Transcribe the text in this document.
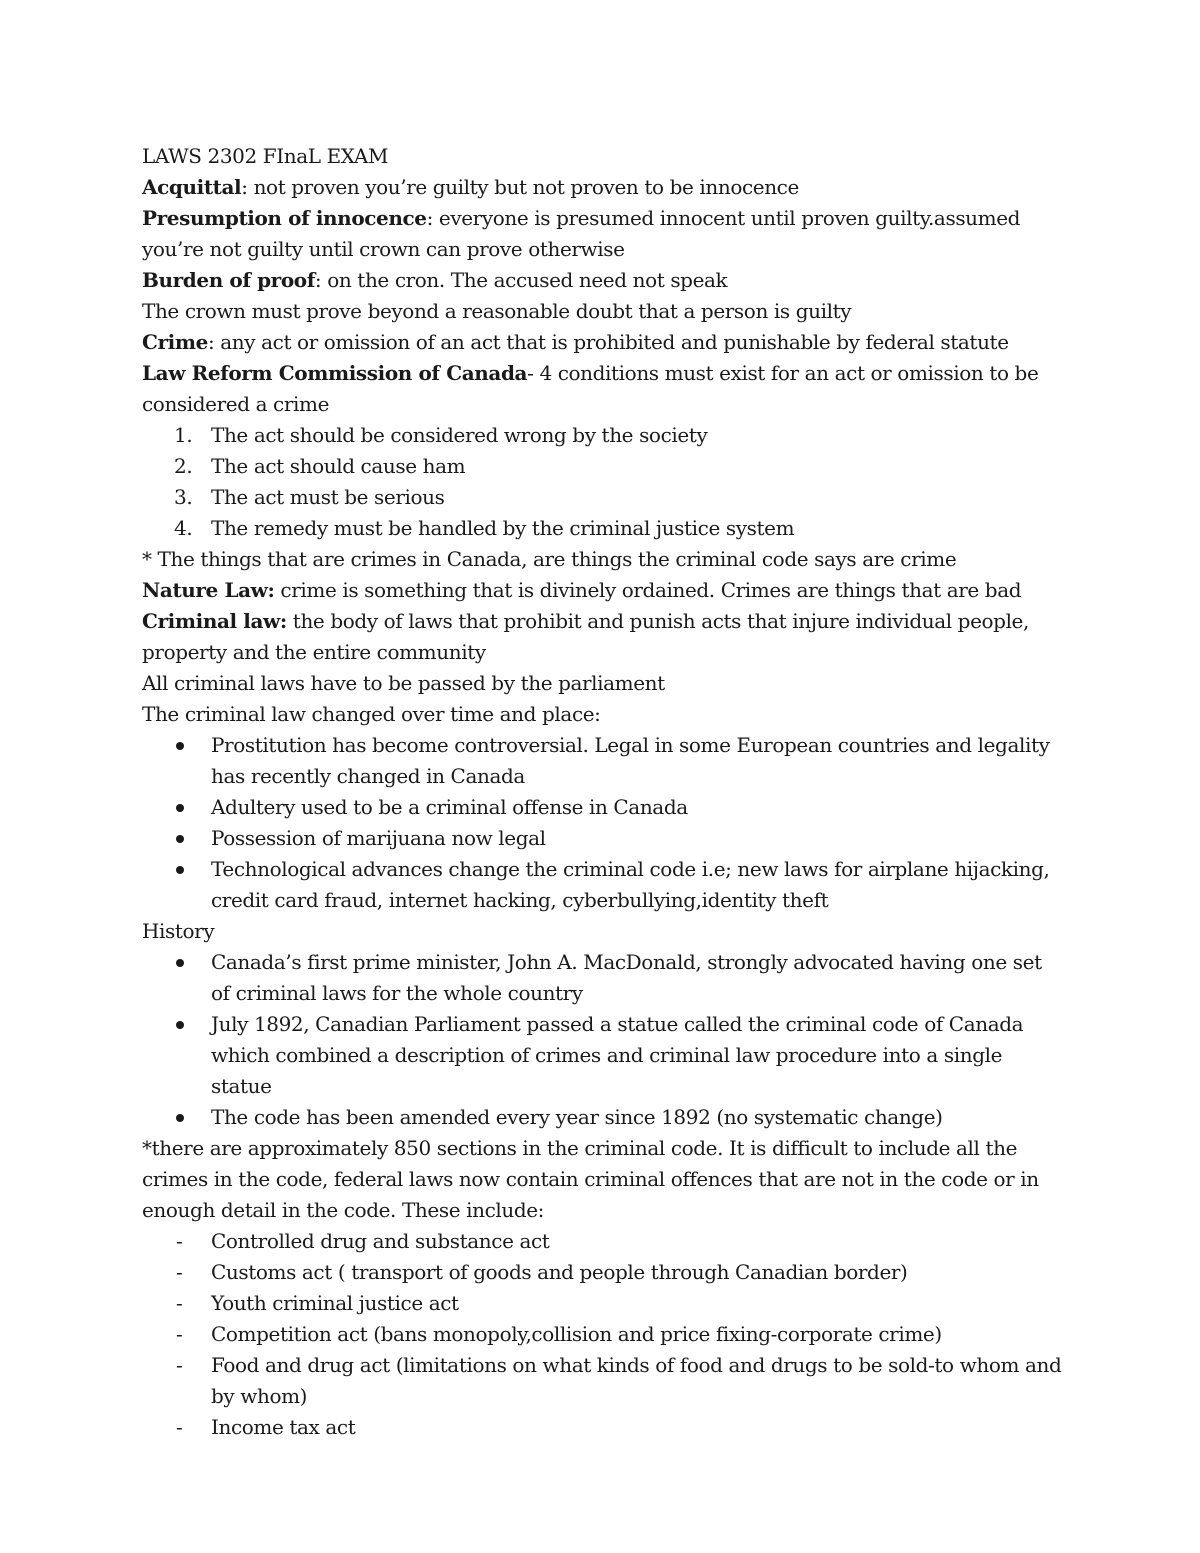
LAWS 2302 FInaL EXAM

Acquittal: not proven you’re guilty but not proven to be innocence

Presumption of innocence: everyone is presumed innocent until proven guilty.assumed you’re not guilty until crown can prove otherwise

Burden of proof: on the cron. The accused need not speak

The crown must prove beyond a reasonable doubt that a person is guilty

Crime: any act or omission of an act that is prohibited and punishable by federal statute

Law Reform Commission of Canada- 4 conditions must exist for an act or omission to be considered a crime

1. The act should be considered wrong by the society
2. The act should cause ham
3. The act must be serious
4. The remedy must be handled by the criminal justice system

* The things that are crimes in Canada, are things the criminal code says are crime

Nature Law: crime is something that is divinely ordained. Crimes are things that are bad

Criminal law: the body of laws that prohibit and punish acts that injure individual people, property and the entire community

All criminal laws have to be passed by the parliament

The criminal law changed over time and place:

Prostitution has become controversial. Legal in some European countries and legality has recently changed in Canada
Adultery used to be a criminal offense in Canada
Possession of marijuana now legal
Technological advances change the criminal code i.e; new laws for airplane hijacking, credit card fraud, internet hacking, cyberbullying,identity theft

History

Canada’s first prime minister, John A. MacDonald, strongly advocated having one set of criminal laws for the whole country
July 1892, Canadian Parliament passed a statue called the criminal code of Canada which combined a description of crimes and criminal law procedure into a single statue
The code has been amended every year since 1892 (no systematic change)

*there are approximately 850 sections in the criminal code. It is difficult to include all the crimes in the code, federal laws now contain criminal offences that are not in the code or in enough detail in the code. These include:

- Controlled drug and substance act
- Customs act ( transport of goods and people through Canadian border)
- Youth criminal justice act
- Competition act (bans monopoly,collision and price fixing-corporate crime)
- Food and drug act (limitations on what kinds of food and drugs to be sold-to whom and by whom)
- Income tax act
